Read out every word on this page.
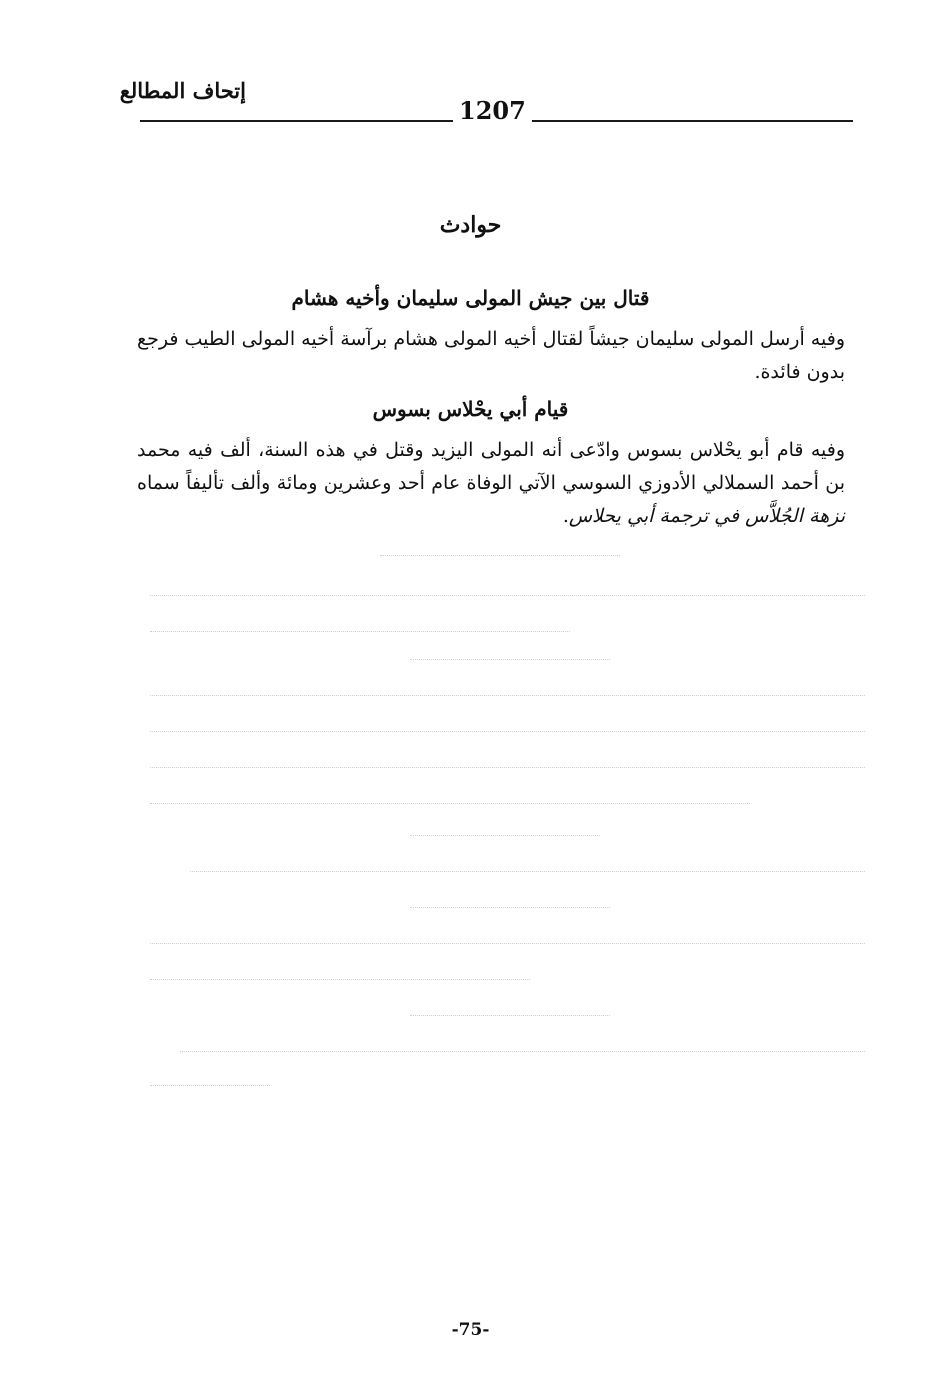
إتحاف المطالع
1207
حوادث
قتال بين جيش المولى سليمان وأخيه هشام
وفيه أرسل المولى سليمان جيشاً لقتال أخيه المولى هشام برآسة أخيه المولى الطيب فرجع بدون فائدة.
قيام أبي يحْلاس بسوس
وفيه قام أبو يحْلاس بسوس وادّعى أنه المولى اليزيد وقتل في هذه السنة، ألف فيه محمد بن أحمد السملالي الأدوزي السوسي الآتي الوفاة عام أحد وعشرين ومائة وألف تأليفاً سماه نزهة الجُلاَّس في ترجمة أبي يحلاس.
-75-
